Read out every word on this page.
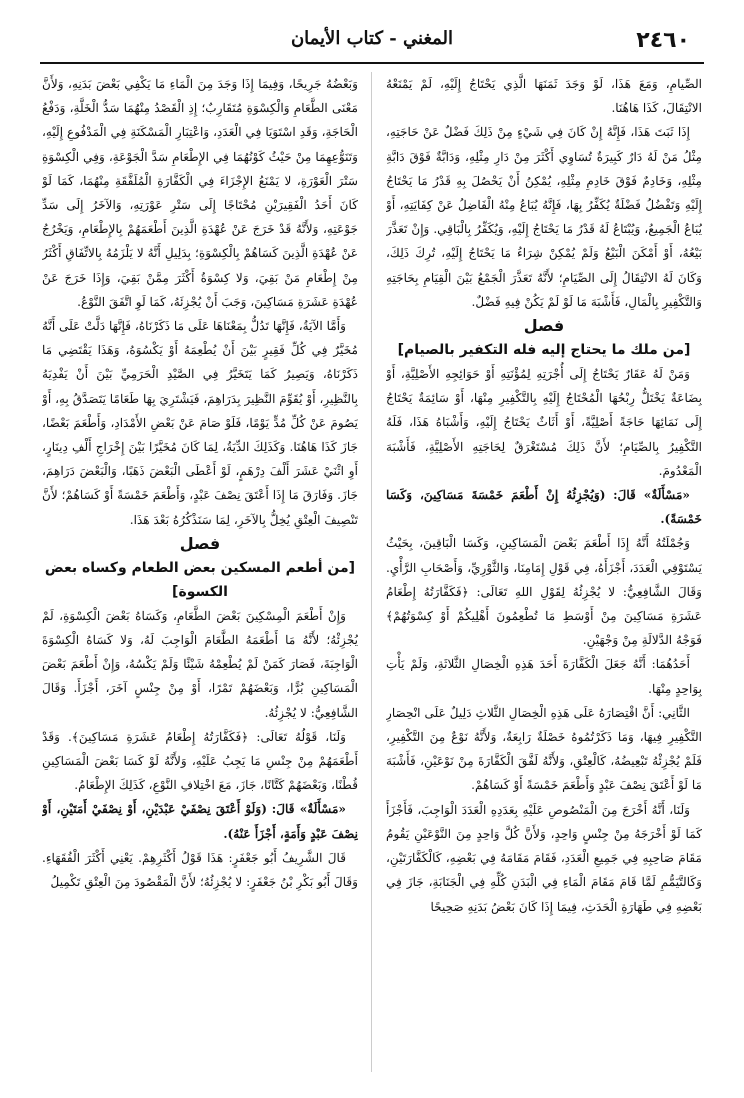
٢٤٦٠
المغني - كتاب الأيمان

الصِّيامِ، وَمَعَ هَذَا، لَوْ وَجَدَ ثَمَنَهَا الَّذِي يَحْتَاجُ إِلَيْهِ، لَمْ يَمْنَعْهُ الانْتِقَالَ، كَذَا هَاهُنَا.

إِذَا ثَبَتَ هَذَا، فَإِنَّهُ إِنْ كَانَ فِي شَيْءٍ مِنْ ذَلِكَ فَضْلٌ عَنْ حَاجَتِهِ، مِثْلُ مَنْ لَهُ دَارٌ كَبِيرَةٌ تُسَاوِي أَكْثَرَ مِنْ دَارِ مِثْلِهِ، وَدَابَّةٌ فَوْقَ دَابَّةِ مِثْلِهِ، وَخَادِمٌ فَوْقَ خَادِمِ مِثْلِهِ، يُمْكِنُ أَنْ يَحْصُلَ بِهِ قَدْرُ مَا يَحْتَاجُ إِلَيْهِ وَتَفْضُلُ فَضْلَةٌ يُكَفِّرُ بِهَا، فَإِنَّهُ يُبَاعُ مِنْهُ الْفَاضِلُ عَنْ كِفَايَتِهِ، أَوْ يُبَاعُ الْجَمِيعُ، وَيُبْتَاعُ لَهُ قَدْرُ مَا يَحْتَاجُ إِلَيْهِ، وَيُكَفِّرُ بِالْبَاقِي. وَإِنْ تَعَذَّرَ بَيْعُهُ، أَوْ أَمْكَنَ الْبَيْعُ وَلَمْ يُمْكِنْ شِرَاءُ مَا يَحْتَاجُ إِلَيْهِ، تُرِكَ ذَلِكَ، وَكَانَ لَهُ الانْتِقَالُ إِلَى الصِّيَامِ؛ لأَنَّهُ تَعَذَّرَ الْجَمْعُ بَيْنَ الْقِيَامِ بِحَاجَتِهِ وَالتَّكْفِيرِ بِالْمَالِ، فَأَشْبَهَ مَا لَوْ لَمْ يَكُنْ فِيهِ فَضْلٌ.

فصل

[من ملك ما يحتاج إليه فله التكفير بالصيام]

وَمَنْ لَهُ عَقَارٌ يَحْتَاجُ إِلَى أُجْرَتِهِ لِمُؤْنَتِهِ أَوْ حَوَائِجِهِ الأَصْلِيَّةِ، أَوْ بِضَاعَةٌ يَخْتَلُّ رِبْحُهَا الْمُحْتَاجُ إِلَيْهِ بِالتَّكْفِيرِ مِنْهَا، أَوْ سَائِمَةٌ يَحْتَاجُ إِلَى نَمَائِهَا حَاجَةً أَصْلِيَّةً، أَوْ أَثَاثٌ يَحْتَاجُ إِلَيْهِ، وَأَشْبَاهُ هَذَا، فَلَهُ التَّكْفِيرُ بِالصِّيَامِ؛ لأَنَّ ذَلِكَ مُسْتَغْرَقٌ لِحَاجَتِهِ الأَصْلِيَّةِ، فَأَشْبَهَ الْمَعْدُومَ.

«مَسْأَلَةٌ» قَالَ: (وَيُجْزِئُهُ إِنْ أَطْعَمَ خَمْسَةَ مَسَاكِينَ، وَكَسَا خَمْسَةً).

وَجُمْلَتُهُ أَنَّهُ إِذَا أَطْعَمَ بَعْضَ الْمَسَاكِينِ، وَكَسَا الْبَاقِينَ، بِحَيْثُ يَسْتَوْفِي الْعَدَدَ، أَجْزَأَهُ، فِي قَوْلِ إِمَامِنَا، وَالثَّوْرِيِّ، وَأَصْحَابِ الرَّأْيِ. وَقَالَ الشَّافِعِيُّ: لا يُجْزِئُهُ لِقَوْلِ اللهِ تَعَالَى: ﴿فَكَفَّارَتُهُ إِطْعَامُ عَشَرَةِ مَسَاكِينَ مِنْ أَوْسَطِ مَا تُطْعِمُونَ أَهْلِيكُمْ أَوْ كِسْوَتُهُمْ﴾ فَوَجْهُ الدَّلالَةِ مِنْ وَجْهَيْنِ.

أَحَدُهُمَا: أَنَّهُ جَعَلَ الْكَفَّارَةَ أَحَدَ هَذِهِ الْخِصَالِ الثَّلاثَةِ، وَلَمْ يَأْتِ بِوَاحِدٍ مِنْهَا.

الثَّانِي: أَنَّ اقْتِصَارَهُ عَلَى هَذِهِ الْخِصَالِ الثَّلاثِ دَلِيلٌ عَلَى انْحِصَارِ التَّكْفِيرِ فِيهَا، وَمَا ذَكَرْتُمُوهُ خَصْلَةٌ رَابِعَةٌ، وَلأَنَّهُ نَوْعٌ مِنَ التَّكْفِيرِ، فَلَمْ يُجْزِئْهُ تَبْعِيضُهُ، كَالْعِتْقِ، وَلأَنَّهُ لَفَّقَ الْكَفَّارَةَ مِنْ نَوْعَيْنِ، فَأَشْبَهَ مَا لَوْ أَعْتَقَ نِصْفَ عَبْدٍ وَأَطْعَمَ خَمْسَةً أَوْ كَسَاهُمْ.

وَلَنَا، أَنَّهُ أَخْرَجَ مِنَ الْمَنْصُوصِ عَلَيْهِ بِعَدَدِهِ الْعَدَدَ الْوَاجِبَ، فَأَجْزَأَ كَمَا لَوْ أَخْرَجَهُ مِنْ جِنْسٍ وَاحِدٍ، وَلأَنَّ كُلَّ وَاحِدٍ مِنَ النَّوْعَيْنِ يَقُومُ مَقَامَ صَاحِبِهِ فِي جَمِيعِ الْعَدَدِ، فَقَامَ مَقَامَهُ فِي بَعْضِهِ، كَالْكَفَّارَتَيْنِ، وَكَالتَّيَمُّمِ لَمَّا قَامَ مَقَامَ الْمَاءِ فِي الْبَدَنِ كُلِّهِ فِي الْجَنَابَةِ، جَازَ فِي بَعْضِهِ فِي طَهَارَةِ الْحَدَثِ، فِيمَا إِذَا كَانَ بَعْضُ بَدَنِهِ صَحِيحًا

وَبَعْضُهُ جَرِيحًا، وَفِيمَا إِذَا وَجَدَ مِنَ الْمَاءِ مَا يَكْفِي بَعْضَ بَدَنِهِ، وَلأَنَّ مَعْنَى الطَّعَامِ وَالْكِسْوَةِ مُتَقَارِبٌ؛ إِذِ الْقَصْدُ مِنْهُمَا سَدُّ الْخَلَّةِ، وَدَفْعُ الْحَاجَةِ، وَقَدِ اسْتَوَيَا فِي الْعَدَدِ، وَاعْتِبَارِ الْمَسْكَنَةِ فِي الْمَدْفُوعِ إِلَيْهِ، وَتَنَوُّعِهِمَا مِنْ حَيْثُ كَوْنُهُمَا فِي الإِطْعَامِ سَدَّ الْجَوْعَةِ، وَفِي الْكِسْوَةِ سَتْرَ الْعَوْرَةِ، لا يَمْنَعُ الإِجْزَاءَ فِي الْكَفَّارَةِ الْمُلَفَّقَةِ مِنْهُمَا، كَمَا لَوْ كَانَ أَحَدُ الْفَقِيرَيْنِ مُحْتَاجًا إِلَى سَتْرِ عَوْرَتِهِ، وَالآخَرُ إِلَى سَدِّ جَوْعَتِهِ، وَلأَنَّهُ قَدْ خَرَجَ عَنْ عُهْدَةِ الَّذِينَ أَطْعَمَهُمْ بِالإِطْعَامِ، وَيَخْرُجُ عَنْ عُهْدَةِ الَّذِينَ كَسَاهُمْ بِالْكِسْوَةِ؛ بِدَلِيلِ أَنَّهُ لا يَلْزَمُهُ بِالاتِّفَاقِ أَكْثَرُ مِنْ إِطْعَامِ مَنْ بَقِيَ، وَلا كِسْوَةُ أَكْثَرَ مِمَّنْ بَقِيَ، وَإِذَا خَرَجَ عَنْ عُهْدَةِ عَشَرَةِ مَسَاكِينَ، وَجَبَ أَنْ يُجْزِئَهُ، كَمَا لَوِ اتَّفَقَ النَّوْعُ.

وَأَمَّا الآيَةُ، فَإِنَّهَا تَدُلُّ بِمَعْنَاهَا عَلَى مَا ذَكَرْنَاهُ، فَإِنَّهَا دَلَّتْ عَلَى أَنَّهُ مُخَيَّرٌ فِي كُلِّ فَقِيرٍ بَيْنَ أَنْ يُطْعِمَهُ أَوْ يَكْسُوَهُ، وَهَذَا يَقْتَضِي مَا ذَكَرْنَاهُ، وَيَصِيرُ كَمَا يَتَخَيَّرُ فِي الصَّيْدِ الْحَرَمِيِّ بَيْنَ أَنْ يَفْدِيَهُ بِالنَّظِيرِ، أَوْ يُقَوِّمَ النَّظِيرَ بِدَرَاهِمَ، فَيَشْتَرِيَ بِهَا طَعَامًا يَتَصَدَّقُ بِهِ، أَوْ يَصُومَ عَنْ كُلِّ مُدٍّ يَوْمًا، فَلَوْ صَامَ عَنْ بَعْضِ الأَمْدَادِ، وَأَطْعَمَ بَعْضًا، جَازَ كَذَا هَاهُنَا. وَكَذَلِكَ الدِّيَةُ، لِمَا كَانَ مُخَيَّرًا بَيْنَ إِخْرَاجِ أَلْفِ دِينَارٍ، أَوِ اثْنَيْ عَشَرَ أَلْفَ دِرْهَمٍ، لَوْ أَعْطَى الْبَعْضَ ذَهَبًا، وَالْبَعْضَ دَرَاهِمَ، جَازَ. وَفَارَقَ مَا إِذَا أَعْتَقَ نِصْفَ عَبْدٍ، وَأَطْعَمَ خَمْسَةً أَوْ كَسَاهُمْ؛ لأَنَّ تَنْصِيفَ الْعِتْقِ يُخِلُّ بِالآخَرِ، لِمَا سَنَذْكُرُهُ بَعْدَ هَذَا.

فصل

[من أطعم المسكين بعض الطعام وكساه بعض الكسوة]

وَإِنْ أَطْعَمَ الْمِسْكِينَ بَعْضَ الطَّعَامِ، وَكَسَاهُ بَعْضَ الْكِسْوَةِ، لَمْ يُجْزِئْهُ؛ لأَنَّهُ مَا أَطْعَمَهُ الطَّعَامَ الْوَاجِبَ لَهُ، وَلا كَسَاهُ الْكِسْوَةَ الْوَاجِبَةَ، فَصَارَ كَمَنْ لَمْ يُطْعِمْهُ شَيْئًا وَلَمْ يَكْسُهُ، وَإِنْ أَطْعَمَ بَعْضَ الْمَسَاكِينِ بُرًّا، وَبَعْضَهُمْ تَمْرًا، أَوْ مِنْ جِنْسٍ آخَرَ، أَجْزَأَ. وَقَالَ الشَّافِعِيُّ: لا يُجْزِئُهُ.

وَلَنَا، قَوْلُهُ تَعَالَى: ﴿فَكَفَّارَتُهُ إِطْعَامُ عَشَرَةِ مَسَاكِينَ﴾. وَقَدْ أَطْعَمَهُمْ مِنْ جِنْسِ مَا يَجِبُ عَلَيْهِ، وَلأَنَّهُ لَوْ كَسَا بَعْضَ الْمَسَاكِينِ قُطْنًا، وَبَعْضَهُمْ كَتَّانًا، جَازَ، مَعَ اخْتِلافِ النَّوْعِ، كَذَلِكَ الإِطْعَامُ.

«مَسْأَلَةٌ» قَالَ: (وَلَوْ أَعْتَقَ نِصْفَيْ عَبْدَيْنِ، أَوْ نِصْفَيْ أَمَتَيْنِ، أَوْ نِصْفَ عَبْدٍ وَأَمَةٍ، أَجْزَأَ عَنْهُ).

قَالَ الشَّرِيفُ أَبُو جَعْفَرٍ: هَذَا قَوْلُ أَكْثَرِهِمْ. يَعْنِي أَكْثَرَ الْفُقَهَاءِ. وَقَالَ أَبُو بَكْرِ بْنُ جَعْفَرٍ: لا يُجْزِئُهُ؛ لأَنَّ الْمَقْصُودَ مِنَ الْعِتْقِ تَكْمِيلُ
